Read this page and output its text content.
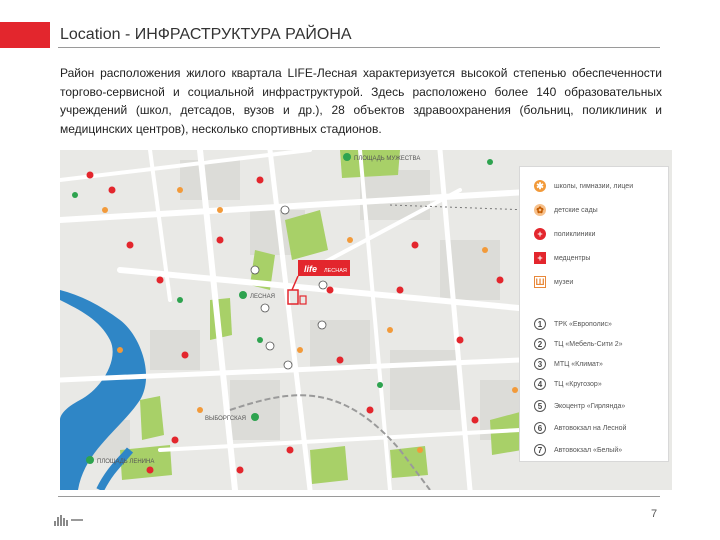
Location - ИНФРАСТРУКТУРА РАЙОНА
Район расположения жилого квартала LIFE-Лесная характеризуется высокой степенью обеспеченности торгово-сервисной и социальной инфраструктурой. Здесь расположено более 140 образовательных учреждений (школ, детсадов, вузов и др.), 28 объектов здравоохранения (больниц, поликлиник и медицинских центров), несколько спортивных стадионов.
ПЛОЩАДЬ МУЖЕСТВА
ЛЕСНАЯ
ВЫБОРГСКАЯ
ПЛОЩАДЬ ЛЕНИНА
life ЛЕСНАЯ
✱	школы, гимназии, лицеи
✿	детские сады
+	поликлиники
+	медцентры
Ш музеи
1	ТРК «Европолис»
2	ТЦ «Мебель-Сити 2»
3	МТЦ «Климат»
4	ТЦ «Кругозор»
5	Экоцентр «Гирлянда»
6	Автовокзал на Лесной
7	Автовокзал «Белый»
7
